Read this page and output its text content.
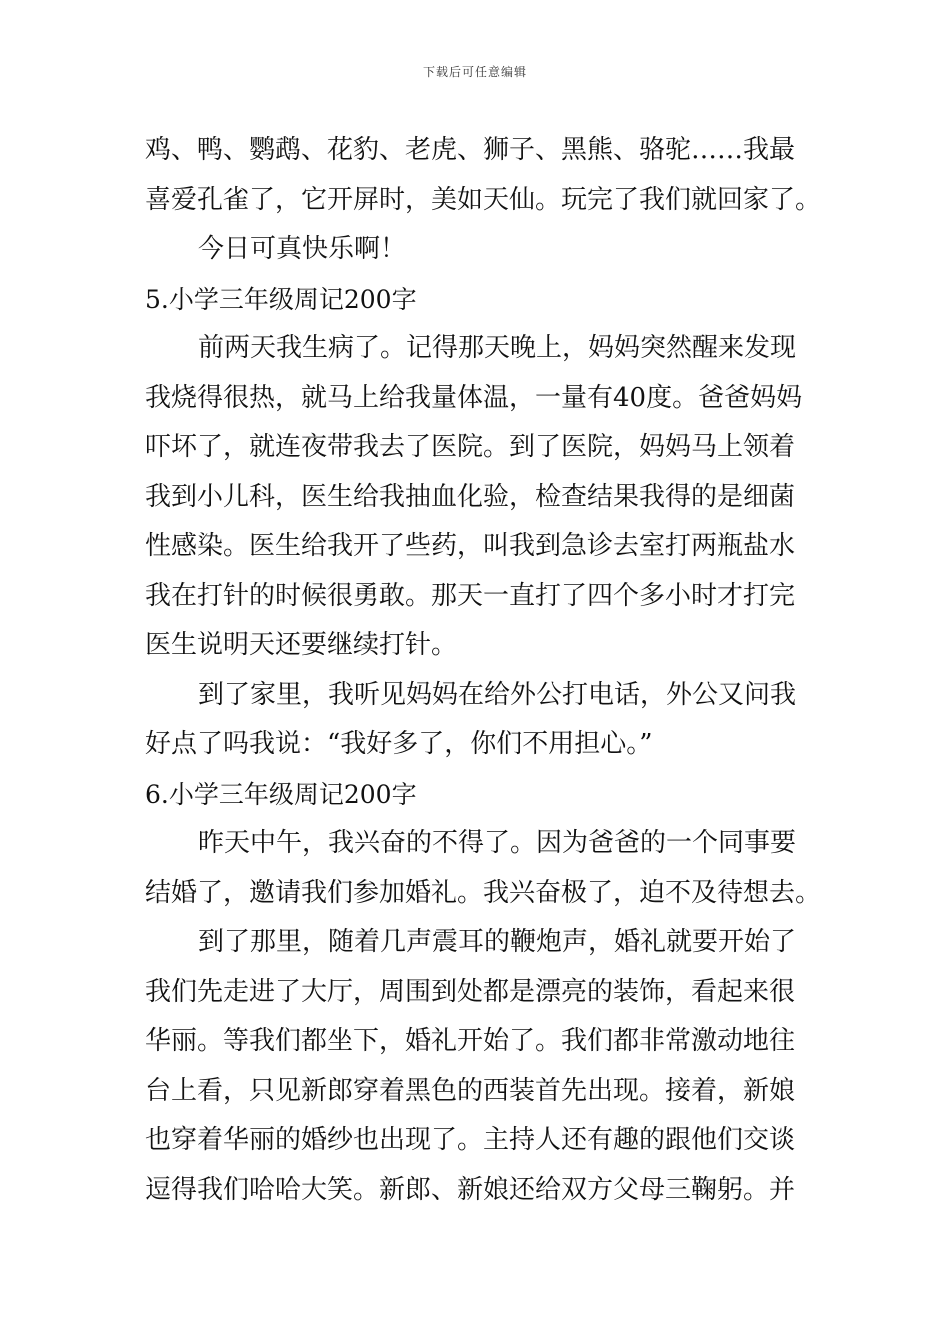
下载后可任意编辑
鸡、鸭、鹦鹉、花豹、老虎、狮子、黑熊、骆驼……我最
喜爱孔雀了，它开屏时，美如天仙。玩完了我们就回家了。
今日可真快乐啊！
5.小学三年级周记200字
前两天我生病了。记得那天晚上，妈妈突然醒来发现
我烧得很热，就马上给我量体温，一量有40度。爸爸妈妈
吓坏了，就连夜带我去了医院。到了医院，妈妈马上领着
我到小儿科，医生给我抽血化验，检查结果我得的是细菌
性感染。医生给我开了些药，叫我到急诊去室打两瓶盐水
我在打针的时候很勇敢。那天一直打了四个多小时才打完
医生说明天还要继续打针。
到了家里，我听见妈妈在给外公打电话，外公又问我
好点了吗我说：“我好多了，你们不用担心。”
6.小学三年级周记200字
昨天中午，我兴奋的不得了。因为爸爸的一个同事要
结婚了，邀请我们参加婚礼。我兴奋极了，迫不及待想去。
到了那里，随着几声震耳的鞭炮声，婚礼就要开始了
我们先走进了大厅，周围到处都是漂亮的装饰，看起来很
华丽。等我们都坐下，婚礼开始了。我们都非常激动地往
台上看，只见新郎穿着黑色的西装首先出现。接着，新娘
也穿着华丽的婚纱也出现了。主持人还有趣的跟他们交谈
逗得我们哈哈大笑。新郎、新娘还给双方父母三鞠躬。并
